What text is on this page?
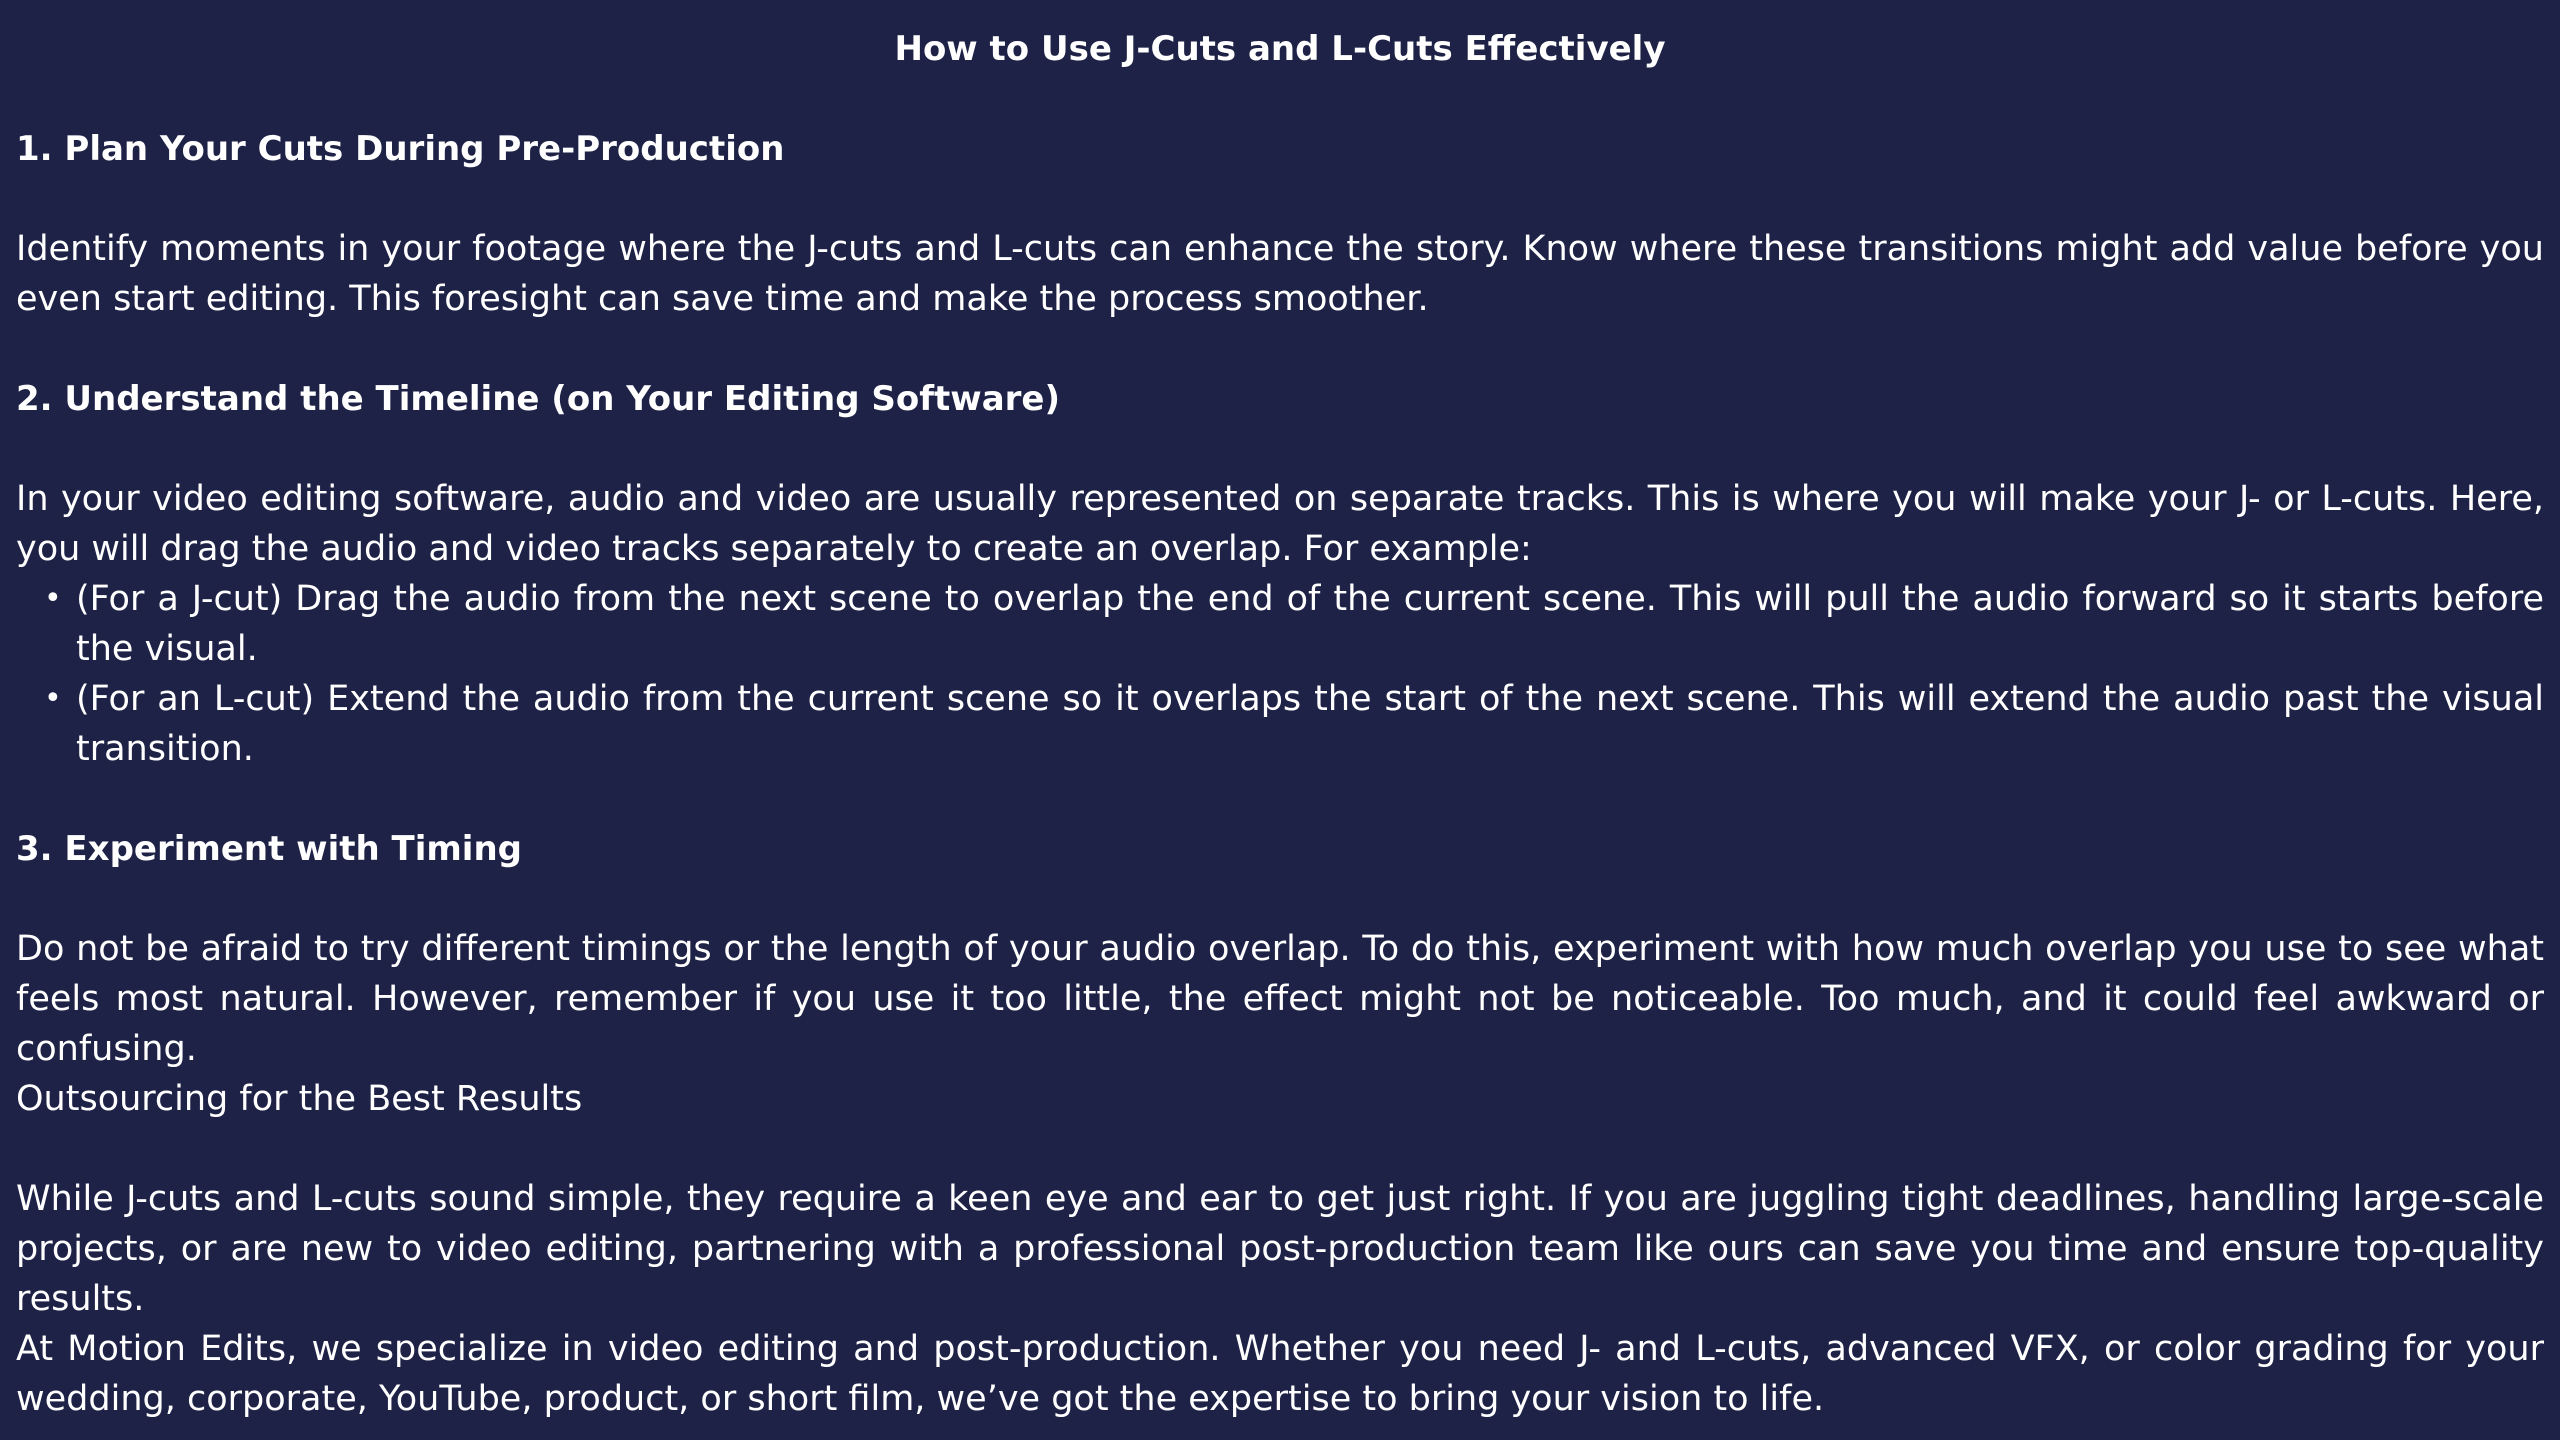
How to Use J-Cuts and L-Cuts Effectively
1. Plan Your Cuts During Pre-Production

Identify moments in your footage where the J-cuts and L-cuts can enhance the story. Know where these transitions might add value before you even start editing. This foresight can save time and make the process smoother.

2. Understand the Timeline (on Your Editing Software)

In your video editing software, audio and video are usually represented on separate tracks. This is where you will make your J- or L-cuts. Here, you will drag the audio and video tracks separately to create an overlap. For example:

• (For a J-cut) Drag the audio from the next scene to overlap the end of the current scene. This will pull the audio forward so it starts before the visual.
• (For an L-cut) Extend the audio from the current scene so it overlaps the start of the next scene. This will extend the audio past the visual transition.
3. Experiment with Timing

Do not be afraid to try different timings or the length of your audio overlap. To do this, experiment with how much overlap you use to see what feels most natural. However, remember if you use it too little, the effect might not be noticeable. Too much, and it could feel awkward or confusing.

Outsourcing for the Best Results

While J-cuts and L-cuts sound simple, they require a keen eye and ear to get just right. If you are juggling tight deadlines, handling large-scale projects, or are new to video editing, partnering with a professional post-production team like ours can save you time and ensure top-quality results.

At Motion Edits, we specialize in video editing and post-production. Whether you need J- and L-cuts, advanced VFX, or color grading for your wedding, corporate, YouTube, product, or short film, we’ve got the expertise to bring your vision to life.
